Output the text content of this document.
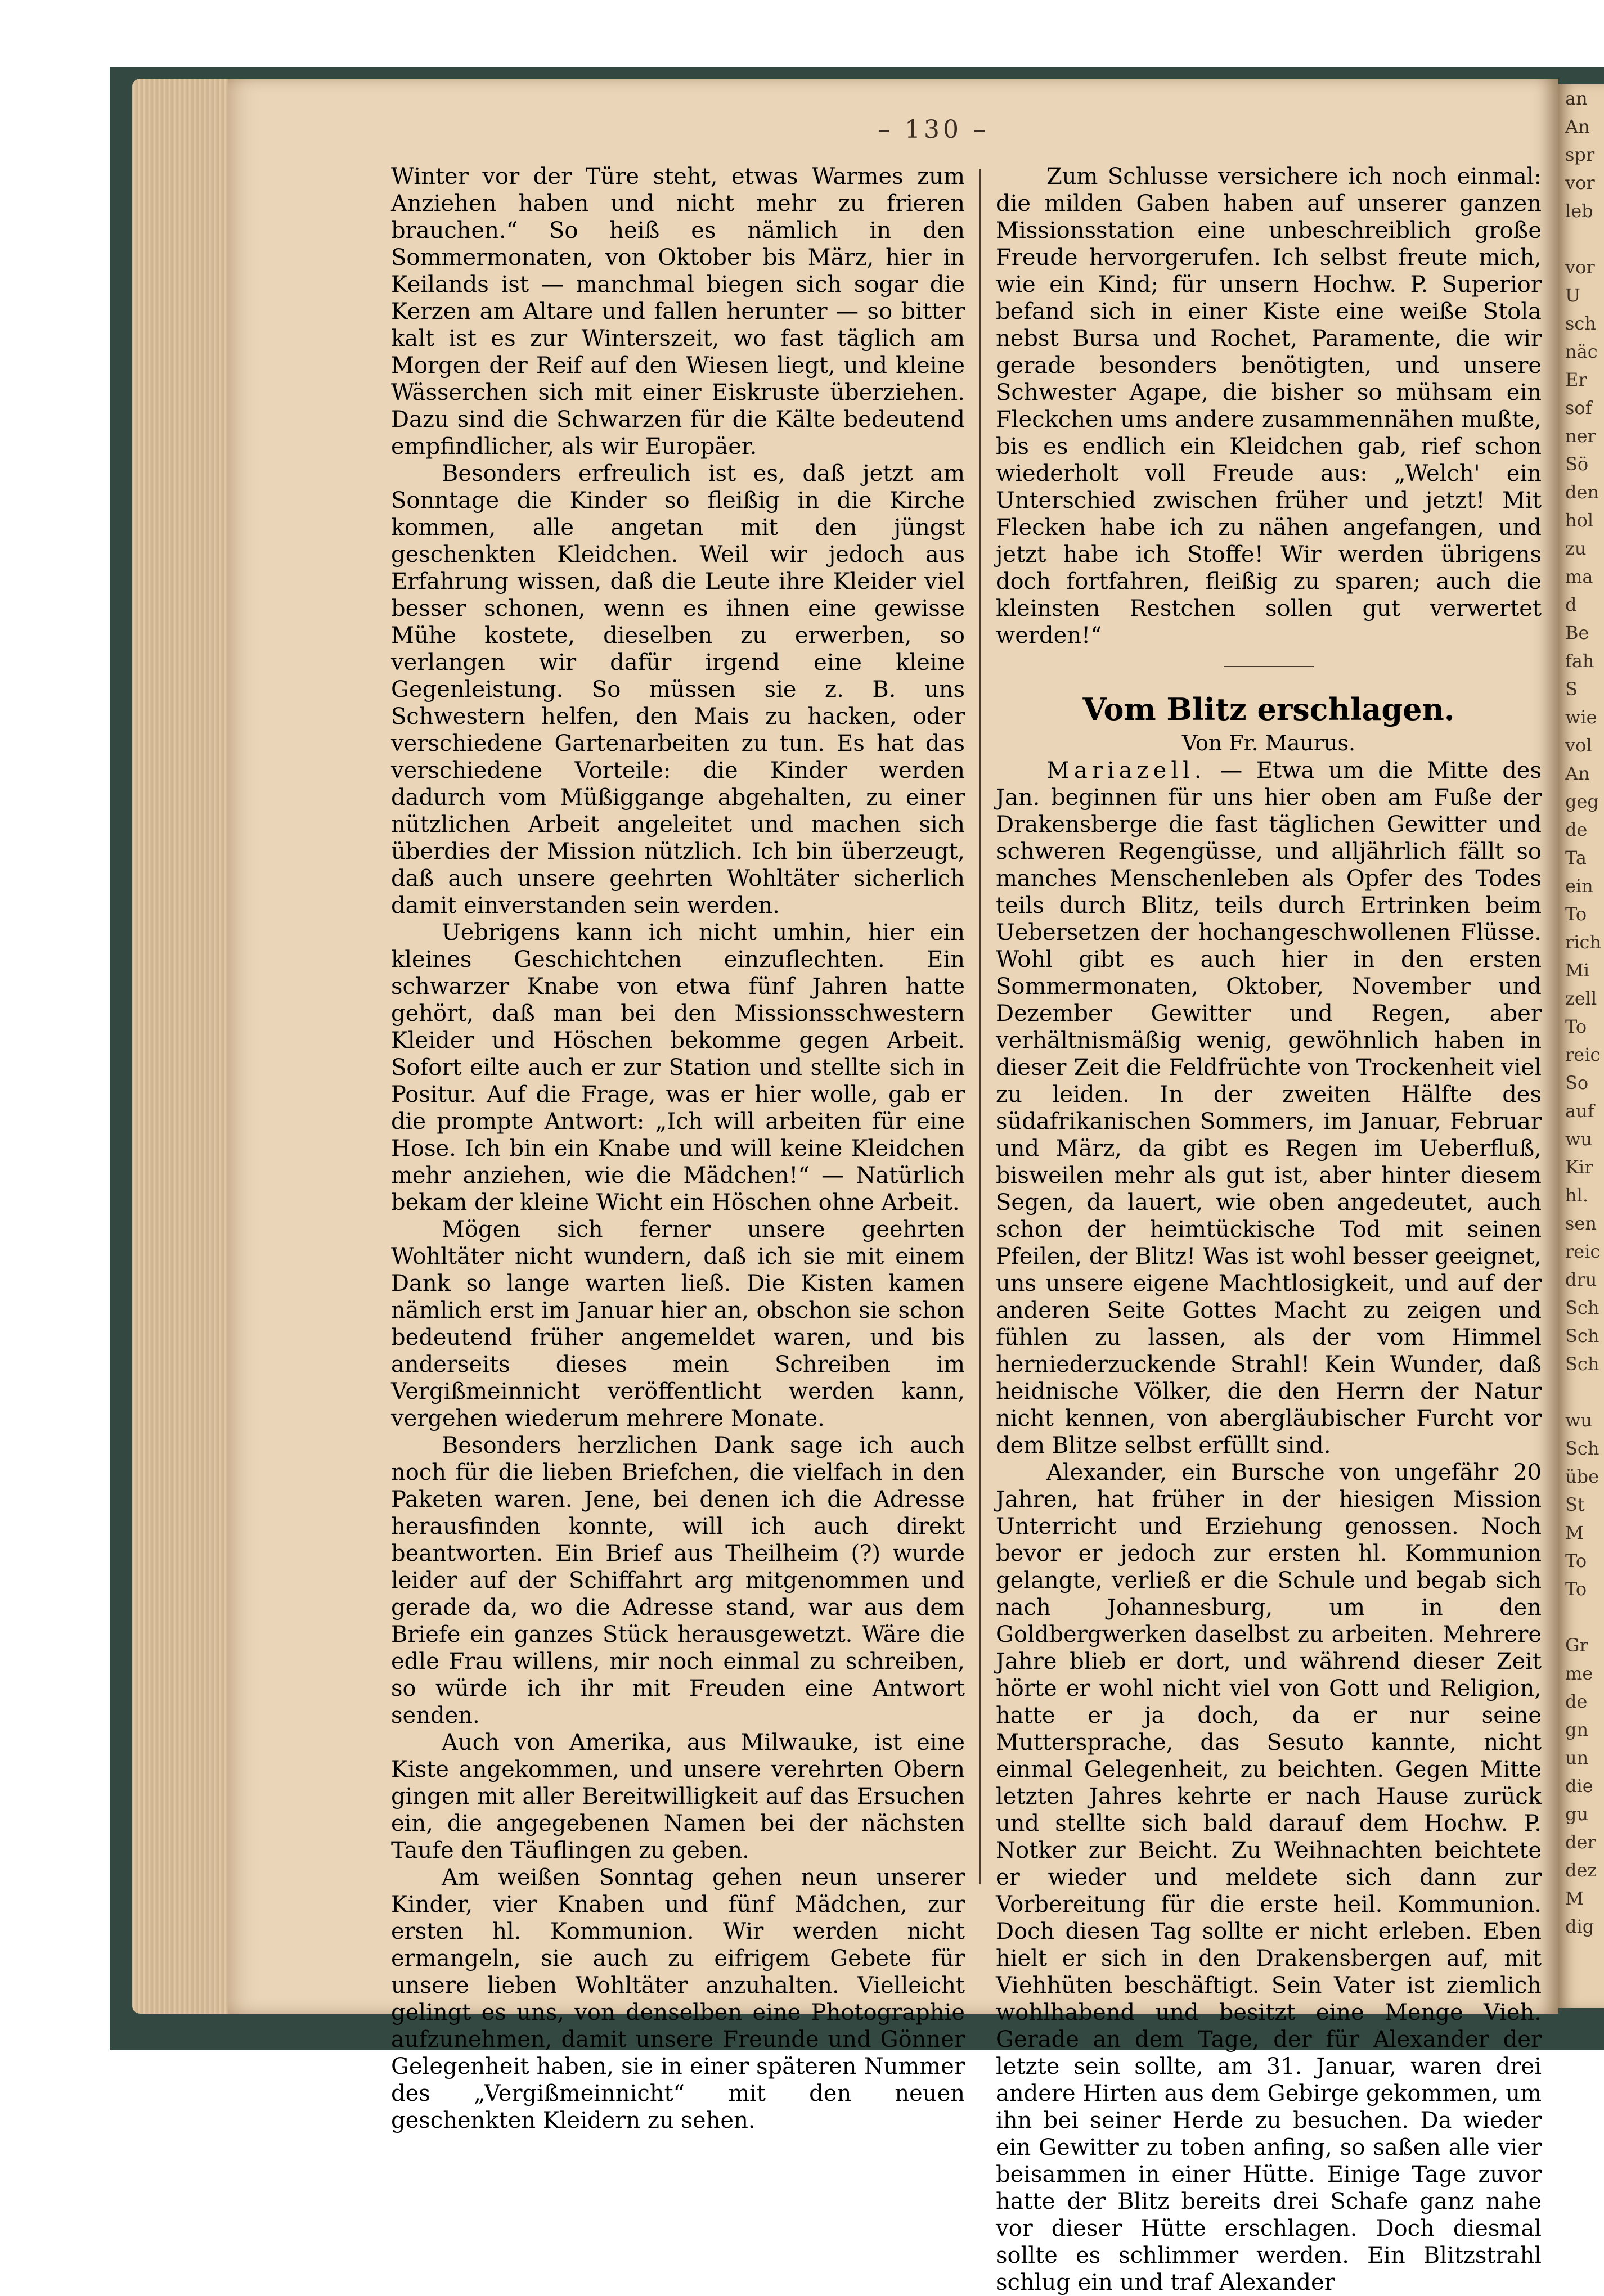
– 130 –

Winter vor der Türe steht, etwas Warmes zum Anziehen haben und nicht mehr zu frieren brauchen.“ So heiß es nämlich in den Sommermonaten, von Oktober bis März, hier in Keilands ist — manchmal biegen sich sogar die Kerzen am Altare und fallen herunter — so bitter kalt ist es zur Winterszeit, wo fast täglich am Morgen der Reif auf den Wiesen liegt, und kleine Wässerchen sich mit einer Eiskruste überziehen. Dazu sind die Schwarzen für die Kälte bedeutend empfindlicher, als wir Europäer.

Besonders erfreulich ist es, daß jetzt am Sonntage die Kinder so fleißig in die Kirche kommen, alle angetan mit den jüngst geschenkten Kleidchen. Weil wir jedoch aus Erfahrung wissen, daß die Leute ihre Kleider viel besser schonen, wenn es ihnen eine gewisse Mühe kostete, dieselben zu erwerben, so verlangen wir dafür irgend eine kleine Gegenleistung. So müssen sie z. B. uns Schwestern helfen, den Mais zu hacken, oder verschiedene Gartenarbeiten zu tun. Es hat das verschiedene Vorteile: die Kinder werden dadurch vom Müßiggange abgehalten, zu einer nützlichen Arbeit angeleitet und machen sich überdies der Mission nützlich. Ich bin überzeugt, daß auch unsere geehrten Wohltäter sicherlich damit einverstanden sein werden.

Uebrigens kann ich nicht umhin, hier ein kleines Geschichtchen einzuflechten. Ein schwarzer Knabe von etwa fünf Jahren hatte gehört, daß man bei den Missionsschwestern Kleider und Höschen bekomme gegen Arbeit. Sofort eilte auch er zur Station und stellte sich in Positur. Auf die Frage, was er hier wolle, gab er die prompte Antwort: „Ich will arbeiten für eine Hose. Ich bin ein Knabe und will keine Kleidchen mehr anziehen, wie die Mädchen!“ — Natürlich bekam der kleine Wicht ein Höschen ohne Arbeit.

Mögen sich ferner unsere geehrten Wohltäter nicht wundern, daß ich sie mit einem Dank so lange warten ließ. Die Kisten kamen nämlich erst im Januar hier an, obschon sie schon bedeutend früher angemeldet waren, und bis anderseits dieses mein Schreiben im Vergißmeinnicht veröffentlicht werden kann, vergehen wiederum mehrere Monate.

Besonders herzlichen Dank sage ich auch noch für die lieben Briefchen, die vielfach in den Paketen waren. Jene, bei denen ich die Adresse herausfinden konnte, will ich auch direkt beantworten. Ein Brief aus Theilheim (?) wurde leider auf der Schiffahrt arg mitgenommen und gerade da, wo die Adresse stand, war aus dem Briefe ein ganzes Stück herausgewetzt. Wäre die edle Frau willens, mir noch einmal zu schreiben, so würde ich ihr mit Freuden eine Antwort senden.

Auch von Amerika, aus Milwauke, ist eine Kiste angekommen, und unsere verehrten Obern gingen mit aller Bereitwilligkeit auf das Ersuchen ein, die angegebenen Namen bei der nächsten Taufe den Täuflingen zu geben.

Am weißen Sonntag gehen neun unserer Kinder, vier Knaben und fünf Mädchen, zur ersten hl. Kommunion. Wir werden nicht ermangeln, sie auch zu eifrigem Gebete für unsere lieben Wohltäter anzuhalten. Vielleicht gelingt es uns, von denselben eine Photographie aufzunehmen, damit unsere Freunde und Gönner Gelegenheit haben, sie in einer späteren Nummer des „Vergißmeinnicht“ mit den neuen geschenkten Kleidern zu sehen.

Zum Schlusse versichere ich noch einmal: die milden Gaben haben auf unserer ganzen Missionsstation eine unbeschreiblich große Freude hervorgerufen. Ich selbst freute mich, wie ein Kind; für unsern Hochw. P. Superior befand sich in einer Kiste eine weiße Stola nebst Bursa und Rochet, Paramente, die wir gerade besonders benötigten, und unsere Schwester Agape, die bisher so mühsam ein Fleckchen ums andere zusammennähen mußte, bis es endlich ein Kleidchen gab, rief schon wiederholt voll Freude aus: „Welch' ein Unterschied zwischen früher und jetzt! Mit Flecken habe ich zu nähen angefangen, und jetzt habe ich Stoffe! Wir werden übrigens doch fortfahren, fleißig zu sparen; auch die kleinsten Restchen sollen gut verwertet werden!“

Vom Blitz erschlagen.

Von Fr. Maurus.

Mariazell. — Etwa um die Mitte des Jan. beginnen für uns hier oben am Fuße der Drakensberge die fast täglichen Gewitter und schweren Regengüsse, und alljährlich fällt so manches Menschenleben als Opfer des Todes teils durch Blitz, teils durch Ertrinken beim Uebersetzen der hochangeschwollenen Flüsse. Wohl gibt es auch hier in den ersten Sommermonaten, Oktober, November und Dezember Gewitter und Regen, aber verhältnismäßig wenig, gewöhnlich haben in dieser Zeit die Feldfrüchte von Trockenheit viel zu leiden. In der zweiten Hälfte des südafrikanischen Sommers, im Januar, Februar und März, da gibt es Regen im Ueberfluß, bisweilen mehr als gut ist, aber hinter diesem Segen, da lauert, wie oben angedeutet, auch schon der heimtückische Tod mit seinen Pfeilen, der Blitz! Was ist wohl besser geeignet, uns unsere eigene Machtlosigkeit, und auf der anderen Seite Gottes Macht zu zeigen und fühlen zu lassen, als der vom Himmel herniederzuckende Strahl! Kein Wunder, daß heidnische Völker, die den Herrn der Natur nicht kennen, von abergläubischer Furcht vor dem Blitze selbst erfüllt sind.

Alexander, ein Bursche von ungefähr 20 Jahren, hat früher in der hiesigen Mission Unterricht und Erziehung genossen. Noch bevor er jedoch zur ersten hl. Kommunion gelangte, verließ er die Schule und begab sich nach Johannesburg, um in den Goldbergwerken daselbst zu arbeiten. Mehrere Jahre blieb er dort, und während dieser Zeit hörte er wohl nicht viel von Gott und Religion, hatte er ja doch, da er nur seine Muttersprache, das Sesuto kannte, nicht einmal Gelegenheit, zu beichten. Gegen Mitte letzten Jahres kehrte er nach Hause zurück und stellte sich bald darauf dem Hochw. P. Notker zur Beicht. Zu Weihnachten beichtete er wieder und meldete sich dann zur Vorbereitung für die erste heil. Kommunion. Doch diesen Tag sollte er nicht erleben. Eben hielt er sich in den Drakensbergen auf, mit Viehhüten beschäftigt. Sein Vater ist ziemlich wohlhabend und besitzt eine Menge Vieh. Gerade an dem Tage, der für Alexander der letzte sein sollte, am 31. Januar, waren drei andere Hirten aus dem Gebirge gekommen, um ihn bei seiner Herde zu besuchen. Da wieder ein Gewitter zu toben anfing, so saßen alle vier beisammen in einer Hütte. Einige Tage zuvor hatte der Blitz bereits drei Schafe ganz nahe vor dieser Hütte erschlagen. Doch diesmal sollte es schlimmer werden. Ein Blitzstrahl schlug ein und traf Alexander

an

An

spr

vor

leb

vor

U

sch

näc

Er

sof

ner

Sö

den

hol

zu

ma

d

Be

fah

S

wie

vol

An

geg

de

Ta

ein

To

rich

Mi

zell

To

reic

So

auf

wu

Kir

hl.

sen

reic

dru

Sch

Sch

Sch

wu

Sch

übe

St

M

To

To

Gr

me

de

gn

un

die

gu

der

dez

M

dig
